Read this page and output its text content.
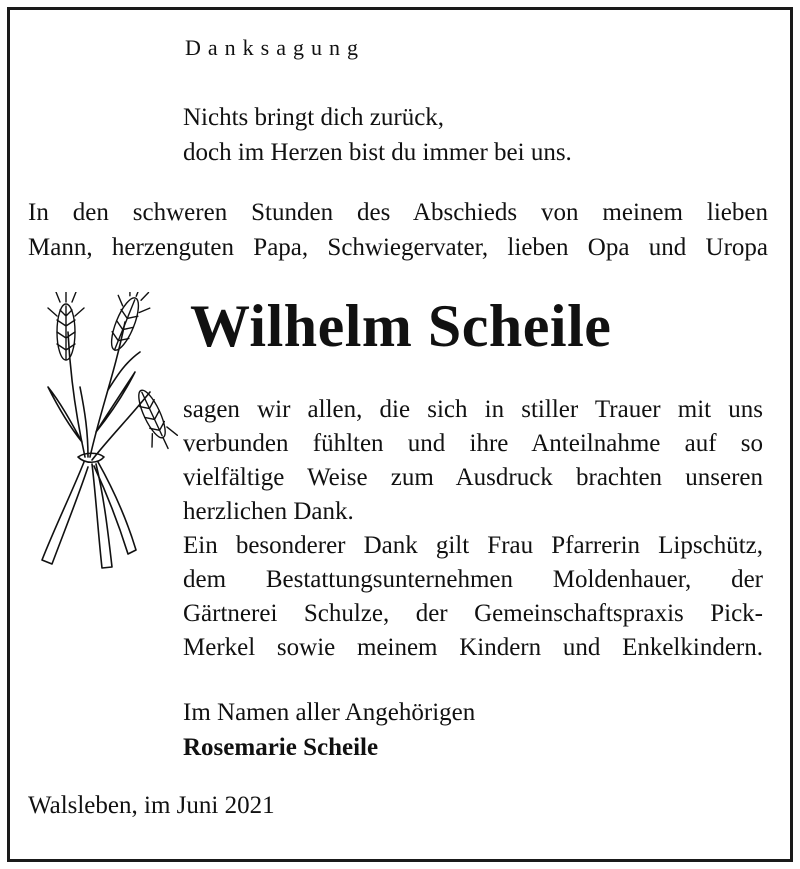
Danksagung
Nichts bringt dich zurück,
doch im Herzen bist du immer bei uns.
In den schweren Stunden des Abschieds von meinem lieben
Mann, herzenguten Papa, Schwiegervater, lieben Opa und Uropa
Wilhelm Scheile
sagen wir allen, die sich in stiller Trauer mit uns
verbunden fühlten und ihre Anteilnahme auf so
vielfältige Weise zum Ausdruck brachten unseren
herzlichen Dank.
Ein besonderer Dank gilt Frau Pfarrerin Lipschütz,
dem Bestattungsunternehmen Moldenhauer, der
Gärtnerei Schulze, der Gemeinschaftspraxis Pick-
Merkel sowie meinem Kindern und Enkelkindern.
Im Namen aller Angehörigen
Rosemarie Scheile
Walsleben, im Juni 2021
